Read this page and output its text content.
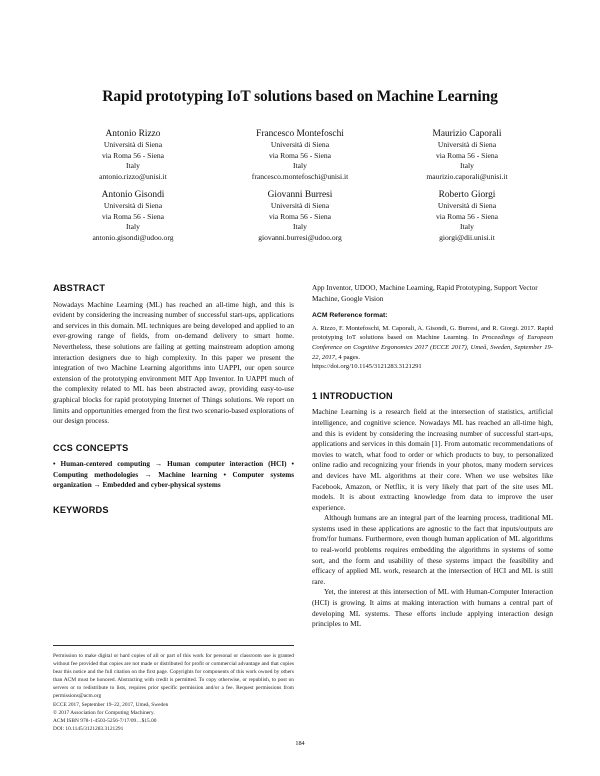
Rapid prototyping IoT solutions based on Machine Learning
Antonio Rizzo
Università di Siena
via Roma 56 - Siena
Italy
antonio.rizzo@unisi.it
Francesco Montefoschi
Università di Siena
via Roma 56 - Siena
Italy
francesco.montefoschi@unisi.it
Maurizio Caporali
Università di Siena
via Roma 56 - Siena
Italy
maurizio.caporali@unisi.it
Antonio Gisondi
Università di Siena
via Roma 56 - Siena
Italy
antonio.gisondi@udoo.org
Giovanni Burresi
Università di Siena
via Roma 56 - Siena
Italy
giovanni.burresi@udoo.org
Roberto Giorgi
Università di Siena
via Roma 56 - Siena
Italy
giorgi@dii.unisi.it
ABSTRACT

Nowadays Machine Learning (ML) has reached an all-time high, and this is evident by considering the increasing number of successful start-ups, applications and services in this domain. ML techniques are being developed and applied to an ever-growing range of fields, from on-demand delivery to smart home. Nevertheless, these solutions are failing at getting mainstream adoption among interaction designers due to high complexity. In this paper we present the integration of two Machine Learning algorithms into UAPPI, our open source extension of the prototyping environment MIT App Inventor. In UAPPI much of the complexity related to ML has been abstracted away, providing easy-to-use graphical blocks for rapid prototyping Internet of Things solutions. We report on limits and opportunities emerged from the first two scenario-based explorations of our design process.

CCS CONCEPTS

• Human-centered computing → Human computer interaction (HCI) • Computing methodologies → Machine learning • Computer systems organization → Embedded and cyber-physical systems

KEYWORDS
Permission to make digital or hard copies of all or part of this work for personal or classroom use is granted without fee provided that copies are not made or distributed for profit or commercial advantage and that copies bear this notice and the full citation on the first page. Copyrights for components of this work owned by others than ACM must be honored. Abstracting with credit is permitted. To copy otherwise, or republish, to post on servers or to redistribute to lists, requires prior specific permission and/or a fee. Request permissions from permissions@acm.org
ECCE 2017, September 19–22, 2017, Umeå, Sweden
© 2017 Association for Computing Machinery.
ACM ISBN 978-1-4503-5256-7/17/09…$15.00
DOI: 10.1145/3121283.3121291

App Inventor, UDOO, Machine Learning, Rapid Prototyping, Support Vector Machine, Google Vision

ACM Reference format:
A. Rizzo, F. Montefoschi, M. Caporali, A. Gisondi, G. Burresi, and R. Giorgi. 2017. Rapid prototyping IoT solutions based on Machine Learning. In Proceedings of European Conference on Cognitive Ergonomics 2017 (ECCE 2017), Umeå, Sweden, September 19-22, 2017, 4 pages.
https://doi.org/10.1145/3121283.3121291
1 INTRODUCTION

Machine Learning is a research field at the intersection of statistics, artificial intelligence, and cognitive science. Nowadays ML has reached an all-time high, and this is evident by considering the increasing number of successful start-ups, applications and services in this domain [1]. From automatic recommendations of movies to watch, what food to order or which products to buy, to personalized online radio and recognizing your friends in your photos, many modern services and devices have ML algorithms at their core. When we use websites like Facebook, Amazon, or Netflix, it is very likely that part of the site uses ML models. It is about extracting knowledge from data to improve the user experience.

Although humans are an integral part of the learning process, traditional ML systems used in these applications are agnostic to the fact that inputs/outputs are from/for humans. Furthermore, even though human application of ML algorithms to real-world problems requires embedding the algorithms in systems of some sort, and the form and usability of these systems impact the feasibility and efficacy of applied ML work, research at the intersection of HCI and ML is still rare.

Yet, the interest at this intersection of ML with Human-Computer Interaction (HCI) is growing. It aims at making interaction with humans a central part of developing ML systems. These efforts include applying interaction design principles to ML

184
